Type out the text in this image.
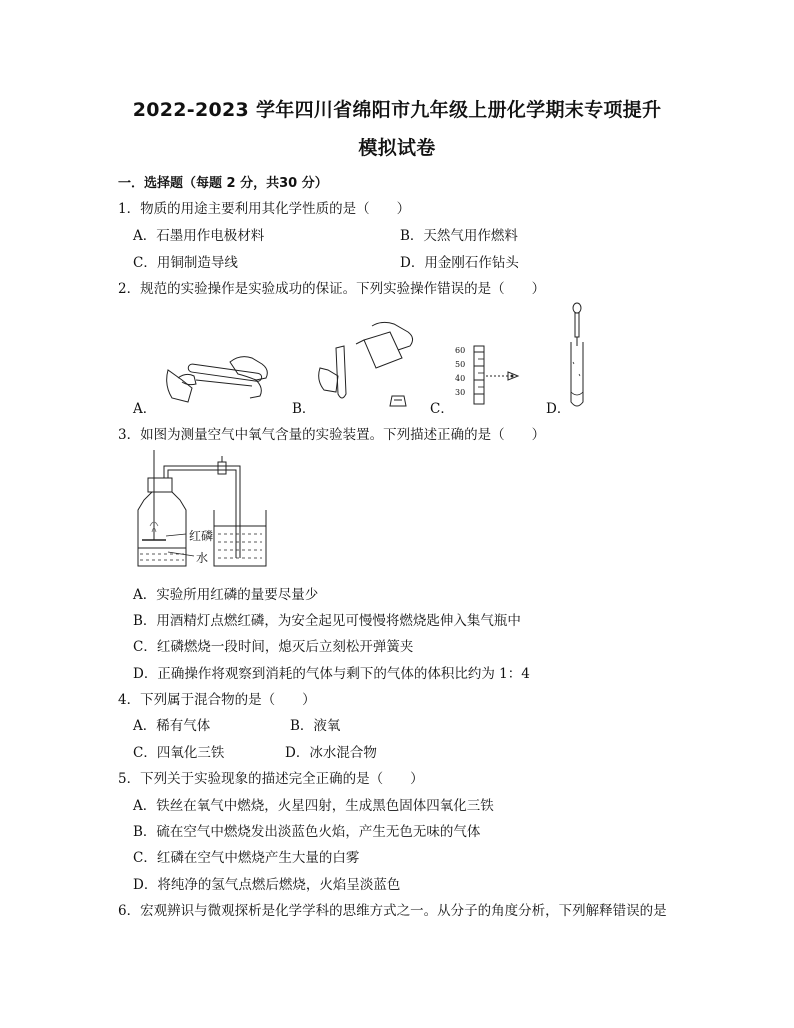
2022-2023 学年四川省绵阳市九年级上册化学期末专项提升
模拟试卷
一．选择题（每题 2 分，共30 分）
1．物质的用途主要利用其化学性质的是（　　）
A．石墨用作电极材料	B．天然气用作燃料
C．用铜制造导线	D．用金刚石作钻头
2．规范的实验操作是实验成功的保证。下列实验操作错误的是（　　）
A．	B．
60
50
40
30
C．	D．
3．如图为测量空气中氧气含量的实验装置。下列描述正确的是（　　）
红磷
水
A．实验所用红磷的量要尽量少
B．用酒精灯点燃红磷，为安全起见可慢慢将燃烧匙伸入集气瓶中
C．红磷燃烧一段时间，熄灭后立刻松开弹簧夹
D．正确操作将观察到消耗的气体与剩下的气体的体积比约为 1：4
4．下列属于混合物的是（　　）
A．稀有气体	B．液氧
C．四氧化三铁	D．冰水混合物
5．下列关于实验现象的描述完全正确的是（　　）
A．铁丝在氧气中燃烧，火星四射，生成黑色固体四氧化三铁
B．硫在空气中燃烧发出淡蓝色火焰，产生无色无味的气体
C．红磷在空气中燃烧产生大量的白雾
D．将纯净的氢气点燃后燃烧，火焰呈淡蓝色
6．宏观辨识与微观探析是化学学科的思维方式之一。从分子的角度分析，下列解释错误的是
